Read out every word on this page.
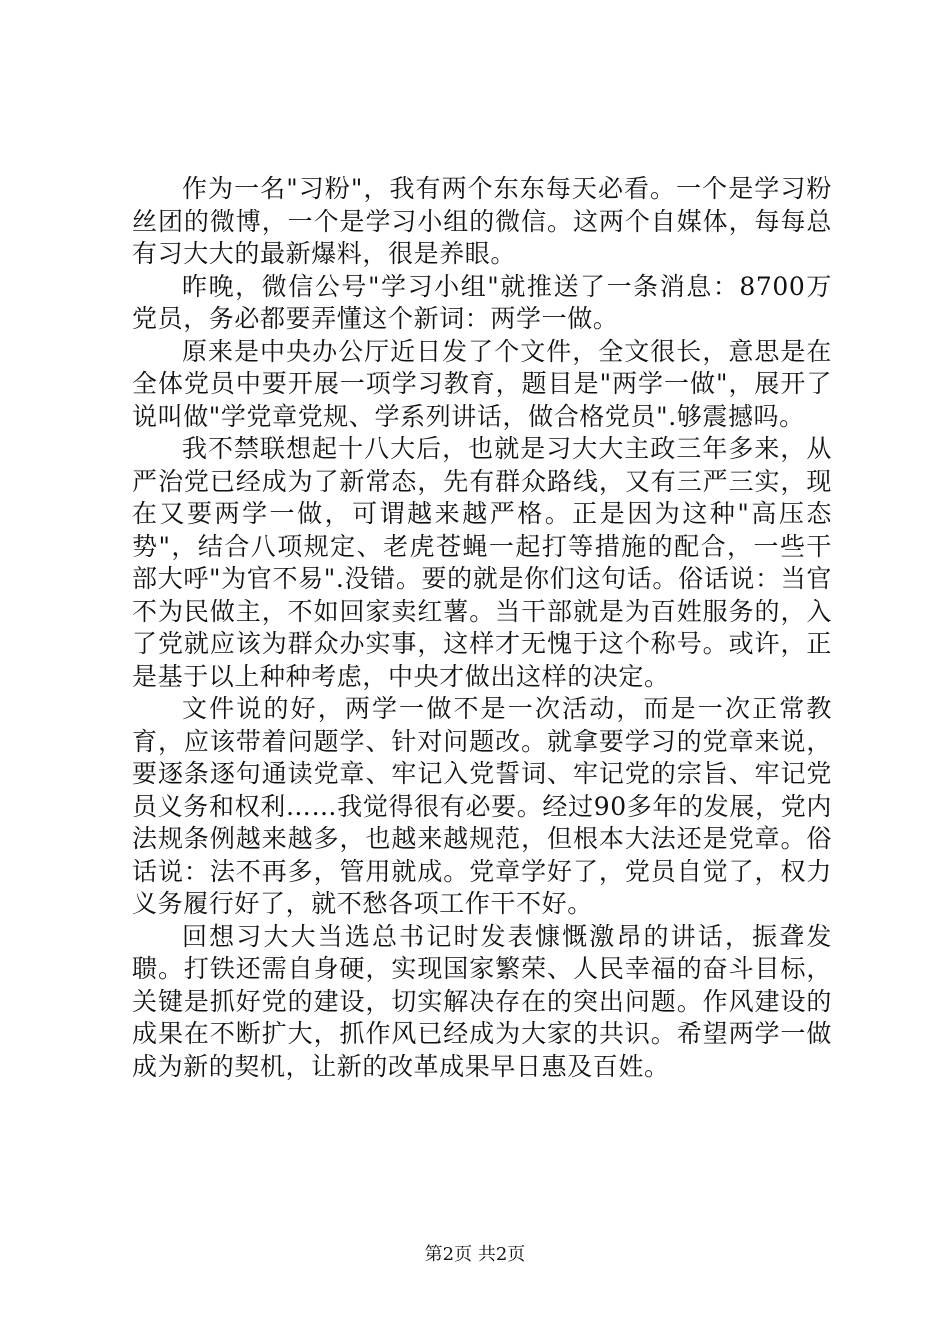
作为一名"习粉"，我有两个东东每天必看。一个是学习粉丝团的微博，一个是学习小组的微信。这两个自媒体，每每总有习大大的最新爆料，很是养眼。

昨晚，微信公号"学习小组"就推送了一条消息：8700万党员，务必都要弄懂这个新词：两学一做。

原来是中央办公厅近日发了个文件，全文很长，意思是在全体党员中要开展一项学习教育，题目是"两学一做"，展开了说叫做"学党章党规、学系列讲话，做合格党员".够震撼吗。

我不禁联想起十八大后，也就是习大大主政三年多来，从严治党已经成为了新常态，先有群众路线，又有三严三实，现在又要两学一做，可谓越来越严格。正是因为这种"高压态势"，结合八项规定、老虎苍蝇一起打等措施的配合，一些干部大呼"为官不易".没错。要的就是你们这句话。俗话说：当官不为民做主，不如回家卖红薯。当干部就是为百姓服务的，入了党就应该为群众办实事，这样才无愧于这个称号。或许，正是基于以上种种考虑，中央才做出这样的决定。

文件说的好，两学一做不是一次活动，而是一次正常教育，应该带着问题学、针对问题改。就拿要学习的党章来说，要逐条逐句通读党章、牢记入党誓词、牢记党的宗旨、牢记党员义务和权利……我觉得很有必要。经过90多年的发展，党内法规条例越来越多，也越来越规范，但根本大法还是党章。俗话说：法不再多，管用就成。党章学好了，党员自觉了，权力义务履行好了，就不愁各项工作干不好。

回想习大大当选总书记时发表慷慨激昂的讲话，振聋发聩。打铁还需自身硬，实现国家繁荣、人民幸福的奋斗目标，关键是抓好党的建设，切实解决存在的突出问题。作风建设的成果在不断扩大，抓作风已经成为大家的共识。希望两学一做成为新的契机，让新的改革成果早日惠及百姓。

第2页 共2页
